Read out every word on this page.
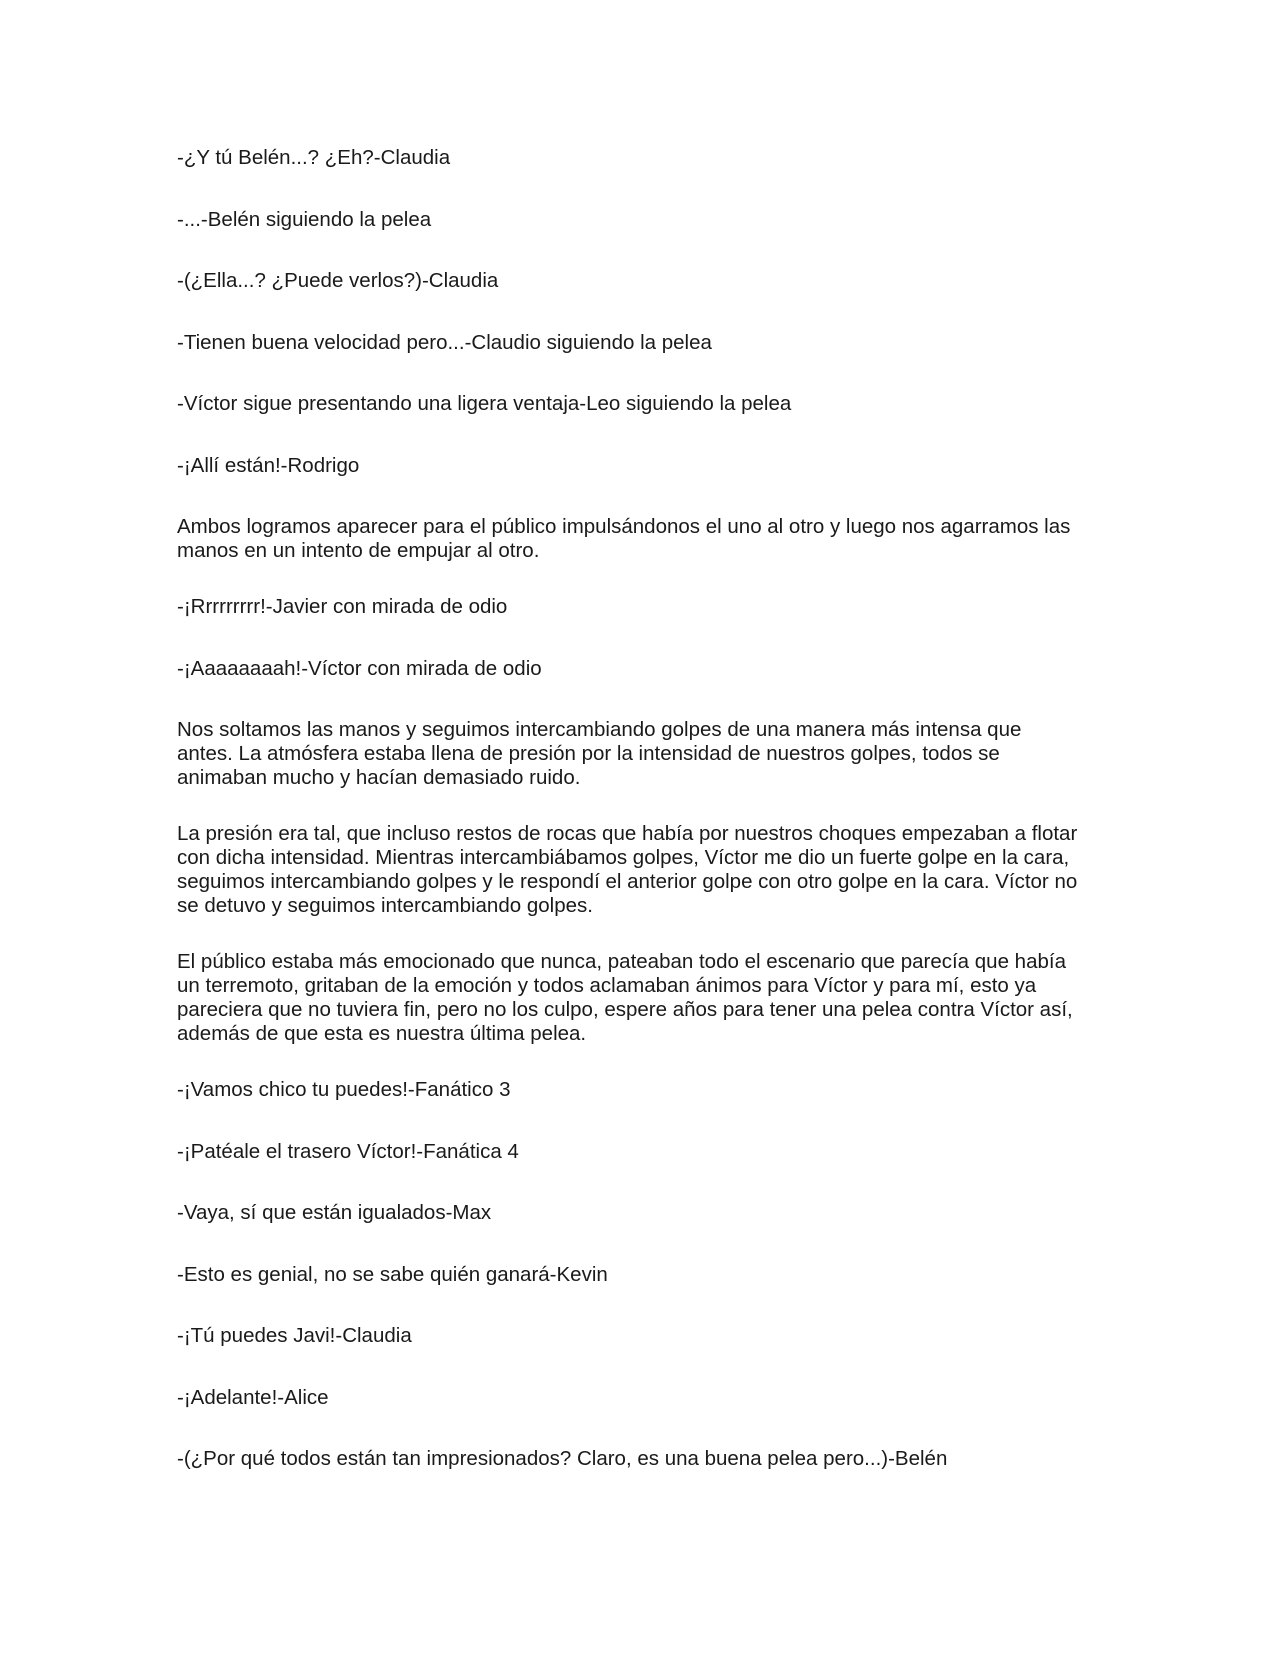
-¿Y tú Belén...? ¿Eh?-Claudia

-...-Belén siguiendo la pelea

-(¿Ella...? ¿Puede verlos?)-Claudia

-Tienen buena velocidad pero...-Claudio siguiendo la pelea

-Víctor sigue presentando una ligera ventaja-Leo siguiendo la pelea

-¡Allí están!-Rodrigo

Ambos logramos aparecer para el público impulsándonos el uno al otro y luego nos agarramos las

manos en un intento de empujar al otro.

-¡Rrrrrrrrr!-Javier con mirada de odio

-¡Aaaaaaaah!-Víctor con mirada de odio

Nos soltamos las manos y seguimos intercambiando golpes de una manera más intensa que

antes. La atmósfera estaba llena de presión por la intensidad de nuestros golpes, todos se

animaban mucho y hacían demasiado ruido.

La presión era tal, que incluso restos de rocas que había por nuestros choques empezaban a flotar

con dicha intensidad. Mientras intercambiábamos golpes, Víctor me dio un fuerte golpe en la cara,

seguimos intercambiando golpes y le respondí el anterior golpe con otro golpe en la cara. Víctor no

se detuvo y seguimos intercambiando golpes.

El público estaba más emocionado que nunca, pateaban todo el escenario que parecía que había

un terremoto, gritaban de la emoción y todos aclamaban ánimos para Víctor y para mí, esto ya

pareciera que no tuviera fin, pero no los culpo, espere años para tener una pelea contra Víctor así,

además de que esta es nuestra última pelea.

-¡Vamos chico tu puedes!-Fanático 3

-¡Patéale el trasero Víctor!-Fanática 4

-Vaya, sí que están igualados-Max

-Esto es genial, no se sabe quién ganará-Kevin

-¡Tú puedes Javi!-Claudia

-¡Adelante!-Alice

-(¿Por qué todos están tan impresionados? Claro, es una buena pelea pero...)-Belén
